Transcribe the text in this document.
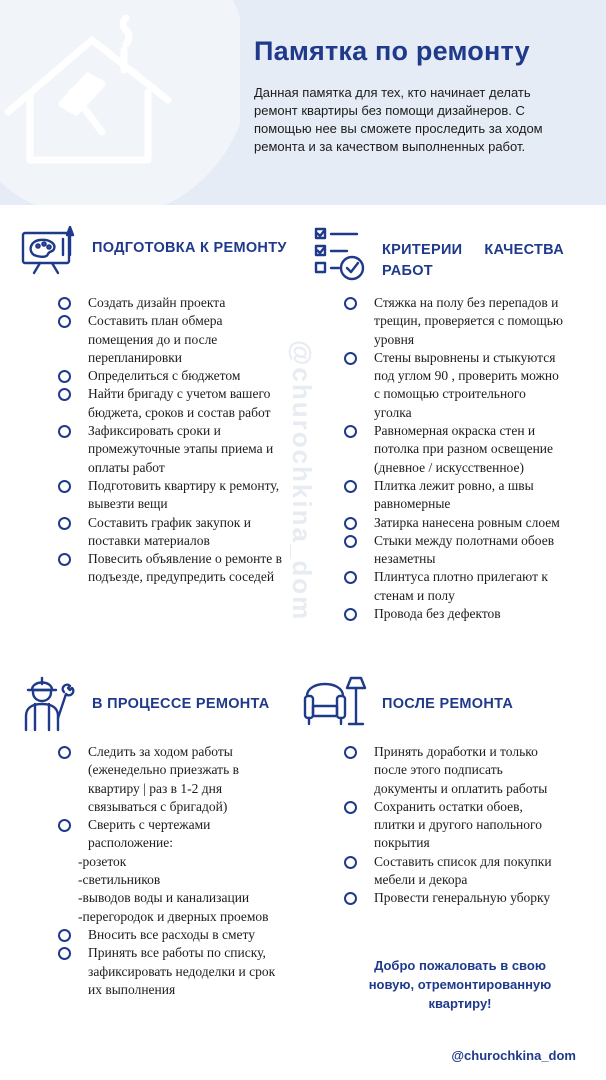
Памятка по ремонту
Данная памятка для тех, кто начинает делать ремонт квартиры без помощи дизайнеров. С помощью нее вы сможете проследить за ходом ремонта и за качеством выполненных работ.
@churochkina_dom
ПОДГОТОВКА К РЕМОНТУ
Создать дизайн проекта
Составить план обмера помещения до и после перепланировки
Определиться с бюджетом
Найти бригаду с учетом вашего бюджета, сроков и состав работ
Зафиксировать сроки и промежуточные этапы приема и оплаты работ
Подготовить квартиру к ремонту, вывезти вещи
Составить график закупок и поставки материалов
Повесить объявление о ремонте в подъезде, предупредить соседей
КРИТЕРИИ КАЧЕСТВА РАБОТ
Стяжка на полу без перепадов и трещин, проверяется с помощью уровня
Стены выровнены и стыкуются под углом 90 , проверить можно с помощью строительного уголка
Равномерная окраска стен и потолка при разном освещение (дневное / искусственное)
Плитка лежит ровно, а швы равномерные
Затирка нанесена ровным слоем
Стыки между полотнами обоев незаметны
Плинтуса плотно прилегают к стенам и полу
Провода без дефектов
В ПРОЦЕССЕ РЕМОНТА
Следить за ходом работы (еженедельно приезжать в квартиру | раз в 1-2 дня связываться с бригадой)
Сверить с чертежами расположение:
-розеток
-светильников
-выводов воды и канализации
-перегородок и дверных проемов
Вносить все расходы в смету
Принять все работы по списку, зафиксировать недоделки и срок их выполнения
ПОСЛЕ РЕМОНТА
Принять доработки и только после этого подписать документы и оплатить работы
Сохранить остатки обоев, плитки и другого напольного покрытия
Составить список для покупки мебели и декора
Провести генеральную уборку
Добро пожаловать в свою новую, отремонтированную квартиру!
@churochkina_dom
